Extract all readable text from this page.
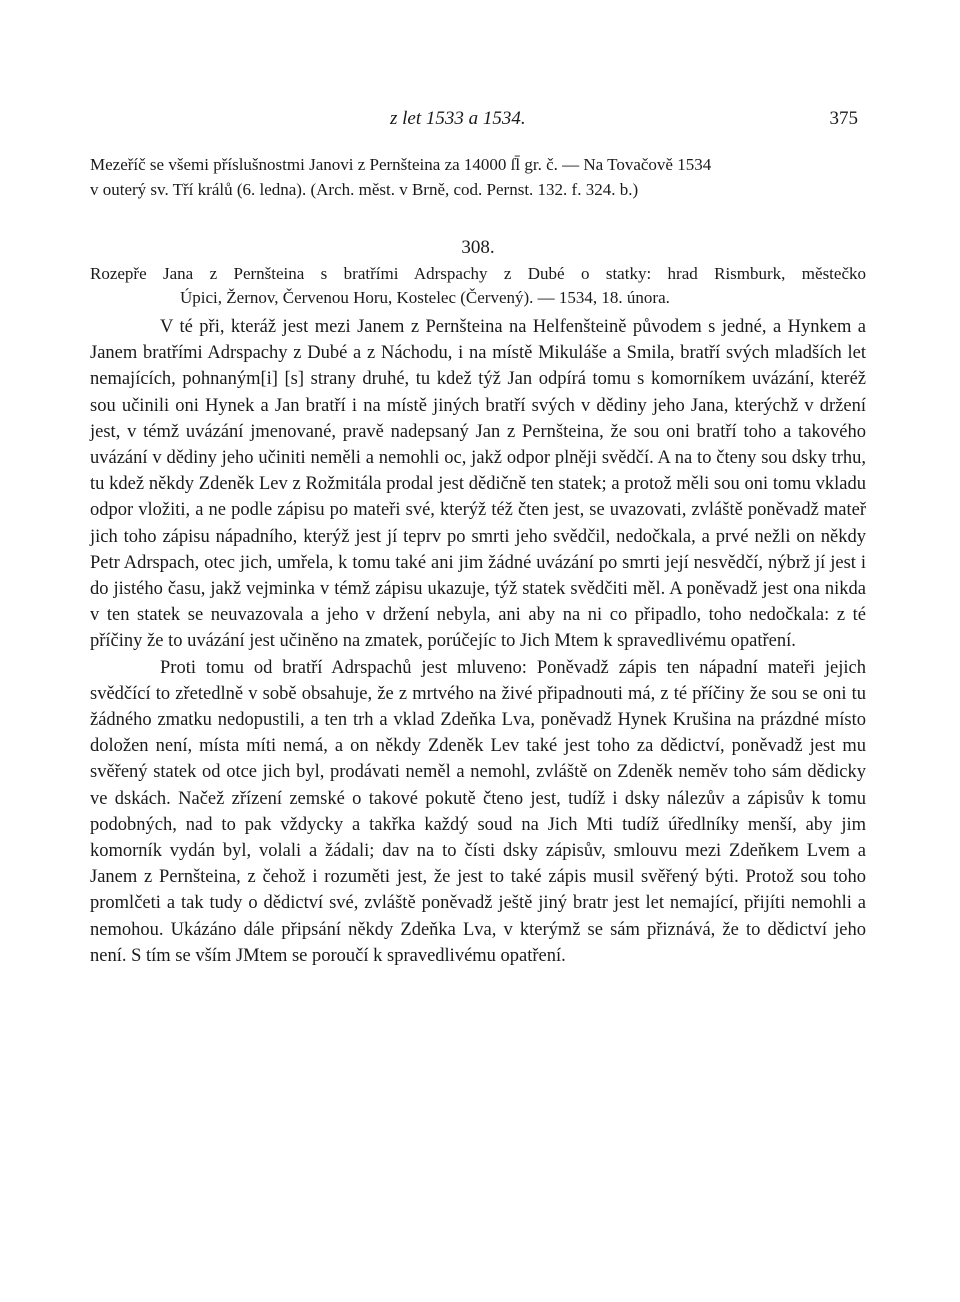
z let 1533 a 1534.	375

Mezeříč se všemi příslušnostmi Janovi z Pernšteina za 14000 ſl̄ gr. č. — Na Tovačově 1534

v outerý sv. Tří králů (6. ledna). (Arch. měst. v Brně, cod. Pernst. 132. f. 324. b.)

308.

Rozepře Jana z Pernšteina s bratřími Adrspachy z Dubé o statky: hrad Rismburk, městečko

Úpici, Žernov, Červenou Horu, Kostelec (Červený). — 1534, 18. února.

V té při, kteráž jest mezi Janem z Pernšteina na Helfenšteině původem s jedné, a Hynkem a Janem bratřími Adrspachy z Dubé a z Náchodu, i na místě Mikuláše a Smila, bratří svých mladších let nemajících, pohnaným[i] [s] strany druhé, tu kdež týž Jan odpírá tomu s komorníkem uvázání, kteréž sou učinili oni Hynek a Jan bratří i na místě jiných bratří svých v dědiny jeho Jana, kterýchž v držení jest, v témž uvázání jmenované, pravě nadepsaný Jan z Pernšteina, že sou oni bratří toho a takového uvázání v dědiny jeho učiniti neměli a nemohli oc, jakž odpor plněji svědčí. A na to čteny sou dsky trhu, tu kdež někdy Zdeněk Lev z Rožmitála prodal jest dědičně ten statek; a protož měli sou oni tomu vkladu odpor vložiti, a ne podle zápisu po mateři své, kterýž též čten jest, se uvazovati, zvláště poněvadž mateř jich toho zápisu nápadního, kterýž jest jí teprv po smrti jeho svědčil, nedočkala, a prvé nežli on někdy Petr Adrspach, otec jich, umřela, k tomu také ani jim žádné uvázání po smrti její nesvědčí, nýbrž jí jest i do jistého času, jakž vejminka v témž zápisu ukazuje, týž statek svědčiti měl. A poněvadž jest ona nikda v ten statek se neuvazovala a jeho v držení nebyla, ani aby na ni co připadlo, toho nedočkala: z té příčiny že to uvázání jest učiněno na zmatek, porúčejíc to Jich Mtem k spravedlivému opatření.

Proti tomu od bratří Adrspachů jest mluveno: Poněvadž zápis ten nápadní mateři jejich svědčící to zřetedlně v sobě obsahuje, že z mrtvého na živé připadnouti má, z té příčiny že sou se oni tu žádného zmatku nedopustili, a ten trh a vklad Zdeňka Lva, poněvadž Hynek Krušina na prázdné místo doložen není, místa míti nemá, a on někdy Zdeněk Lev také jest toho za dědictví, poněvadž jest mu svěřený statek od otce jich byl, prodávati neměl a nemohl, zvláště on Zdeněk neměv toho sám dědicky ve dskách. Načež zřízení zemské o takové pokutě čteno jest, tudíž i dsky nálezův a zápisův k tomu podobných, nad to pak vždycky a takřka každý soud na Jich Mti tudíž úředlníky menší, aby jim komorník vydán byl, volali a žádali; dav na to čísti dsky zápisův, smlouvu mezi Zdeňkem Lvem a Janem z Pernšteina, z čehož i rozuměti jest, že jest to také zápis musil svěřený býti. Protož sou toho promlčeti a tak tudy o dědictví své, zvláště poněvadž ještě jiný bratr jest let nemající, přijíti nemohli a nemohou. Ukázáno dále připsání někdy Zdeňka Lva, v kterýmž se sám přiznává, že to dědictví jeho není. S tím se vším JMtem se poroučí k spravedlivému opatření.
